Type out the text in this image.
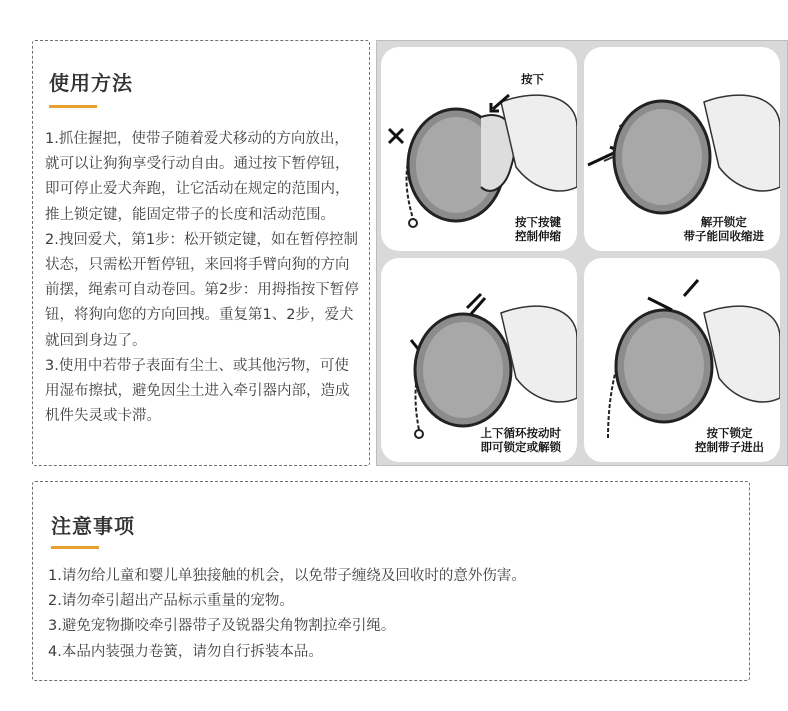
使用方法

1.抓住握把，使带子随着爱犬移动的方向放出，就可以让狗狗享受行动自由。通过按下暂停钮，即可停止爱犬奔跑，让它活动在规定的范围内，推上锁定键，能固定带子的长度和活动范围。

2.拽回爱犬，第1步：松开锁定键，如在暂停控制状态，只需松开暂停钮，来回将手臂向狗的方向前摆，绳索可自动卷回。第2步：用拇指按下暂停钮，将狗向您的方向回拽。重复第1、2步，爱犬就回到身边了。

3.使用中若带子表面有尘土、或其他污物，可使用湿布擦拭，避免因尘土进入牵引器内部，造成机件失灵或卡滞。

按下
按下按键
控制伸缩
解开锁定
带子能回收缩进
上下循环按动时
即可锁定或解锁
按下锁定
控制带子进出
注意事项
1.请勿给儿童和婴儿单独接触的机会，以免带子缠绕及回收时的意外伤害。
2.请勿牵引超出产品标示重量的宠物。
3.避免宠物撕咬牵引器带子及锐器尖角物割拉牵引绳。
4.本品内装强力卷簧，请勿自行拆装本品。
